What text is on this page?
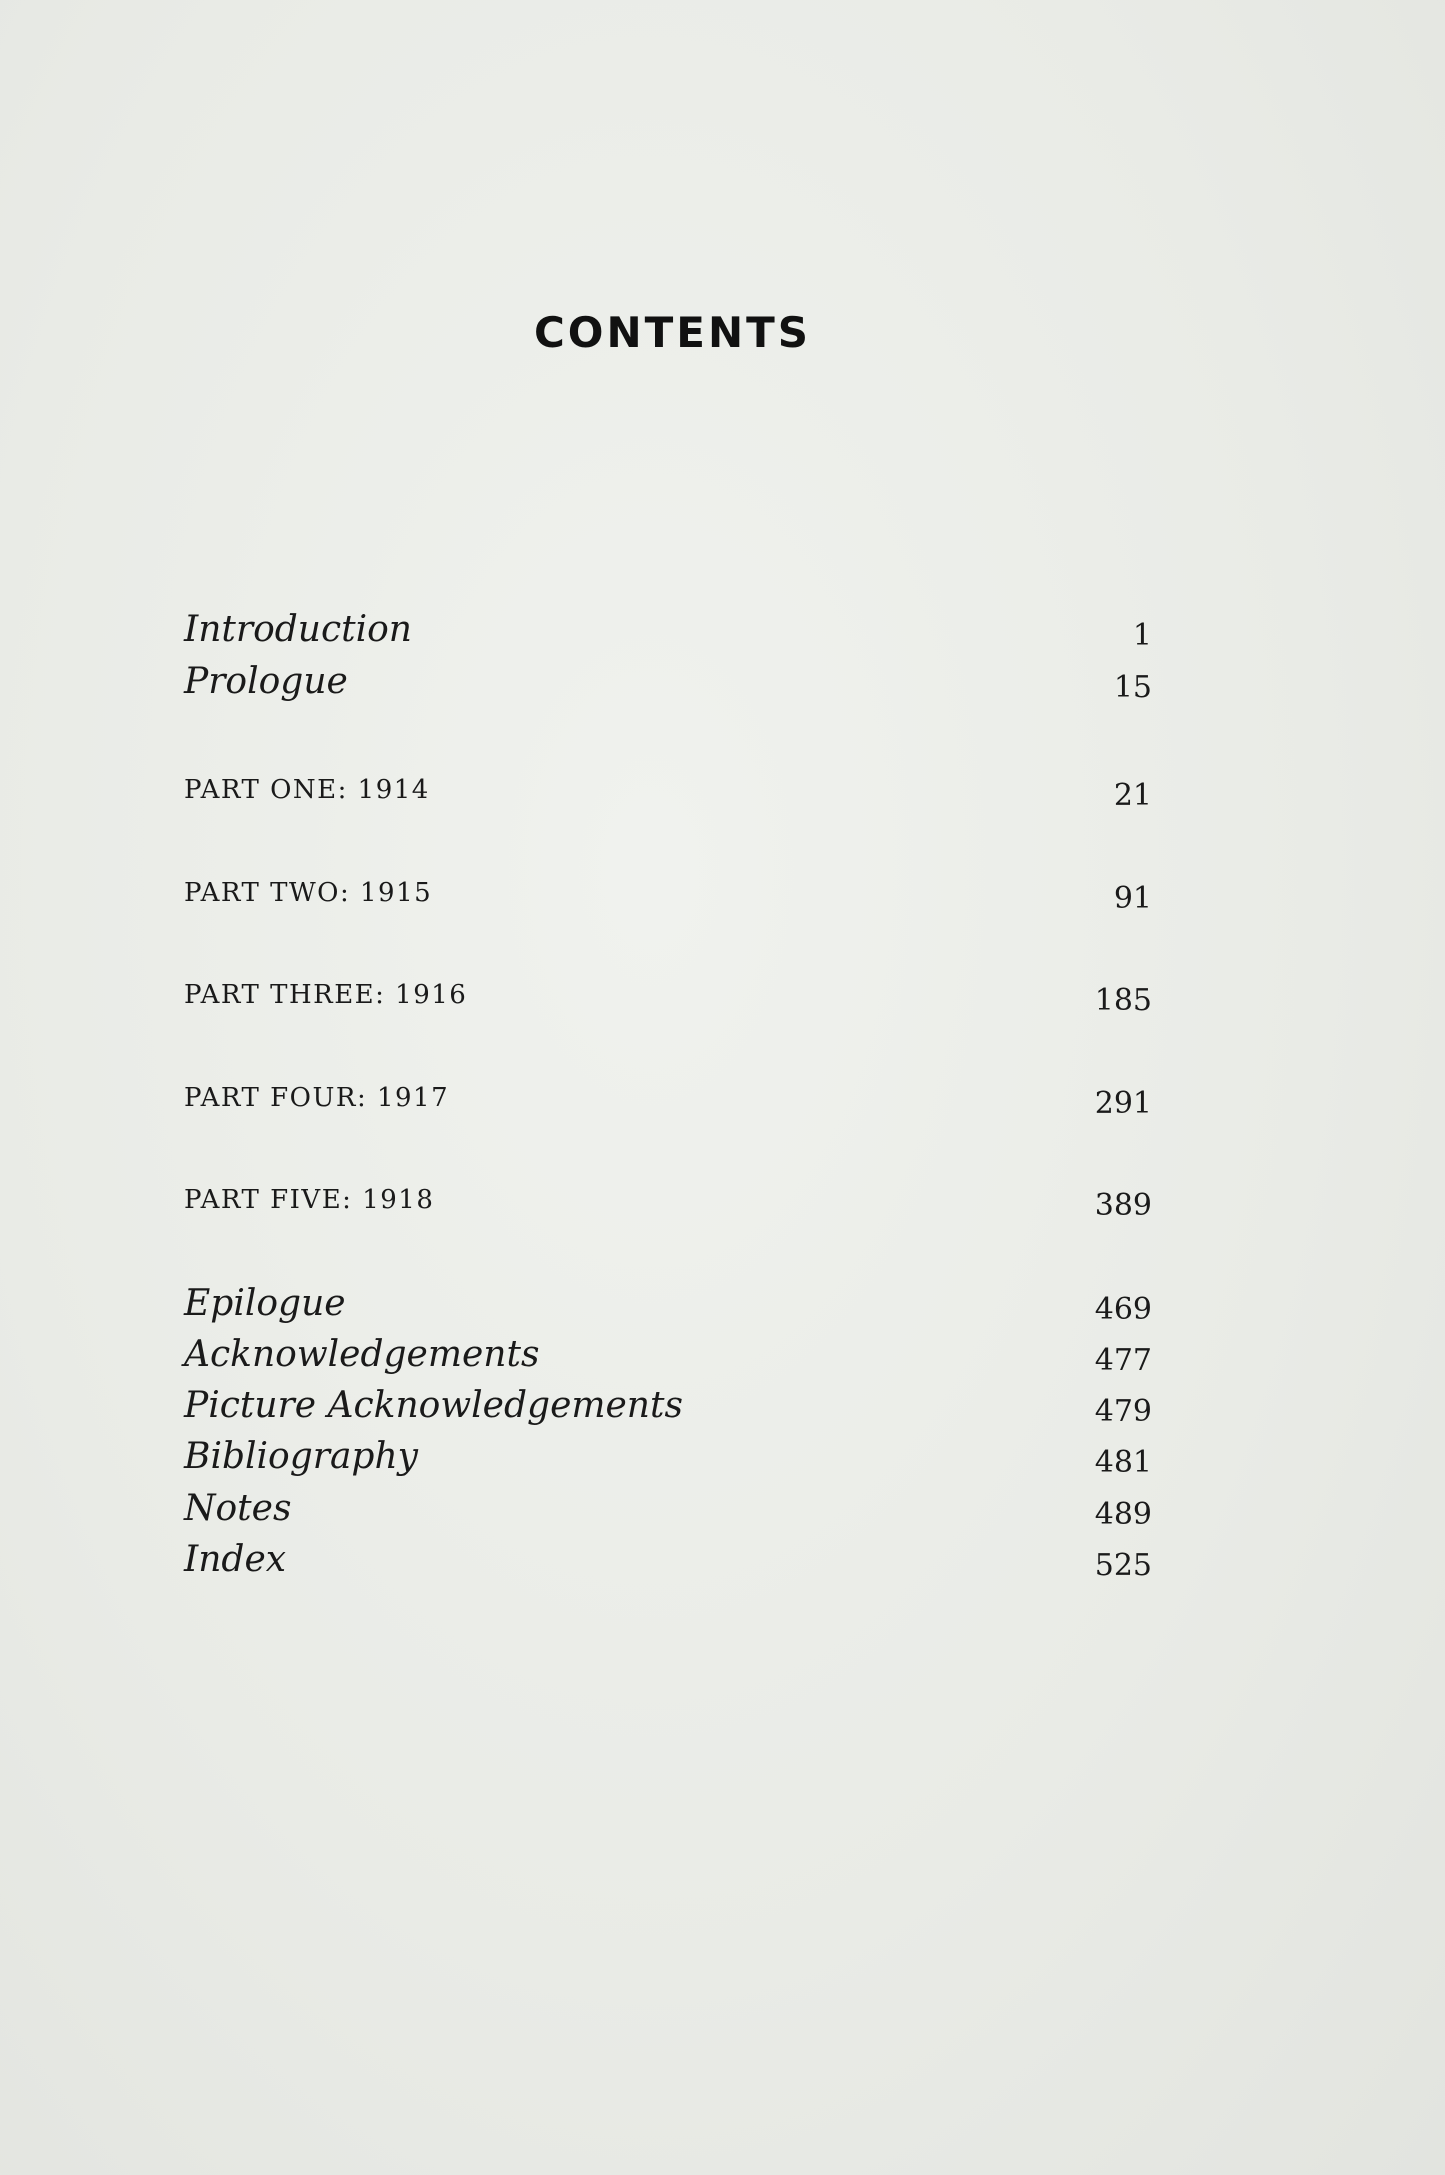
CONTENTS
Introduction	1
Prologue	15
PART ONE: 1914	21
PART TWO: 1915	91
PART THREE: 1916	185
PART FOUR: 1917	291
PART FIVE: 1918	389
Epilogue	469
Acknowledgements	477
Picture Acknowledgements	479
Bibliography	481
Notes	489
Index	525
